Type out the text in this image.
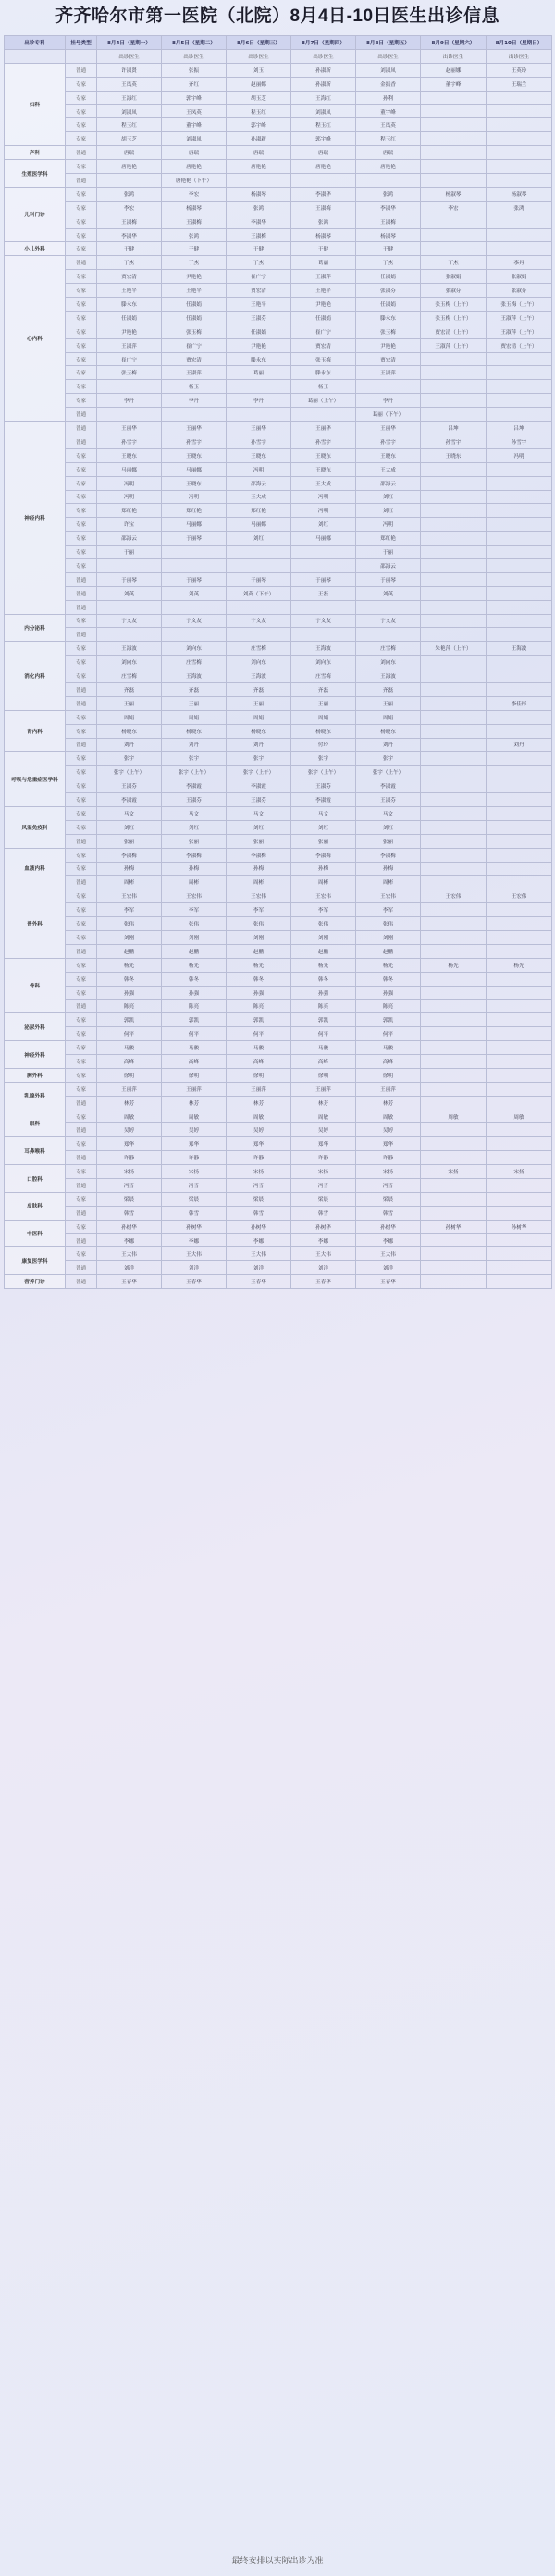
齐齐哈尔市第一医院（北院）8月4日-10日医生出诊信息
出诊专科	挂号类型	8月4日（星期一）	8月5日（星期二）	8月6日（星期三）	8月7日（星期四）	8月8日（星期五）	8月9日（星期六）	8月10日（星期日）
		出诊医生	出诊医生	出诊医生	出诊医生	出诊医生	出诊医生	出诊医生
妇科	普通	许淑贤	张振	刘玉	孙淑新	刘淑凤	赵丽娜	王英玲
	专家	王凤英	齐红	赵丽娜	孙淑新	金振香	董宇峰	王瑞兰
	专家	王海红	郭宇峰	胡玉芝	王海红	孙利		
	专家	刘淑凤	王凤英	程玉红	刘淑凤	董宇峰		
	专家	程玉红	董宇峰	郭宇峰	程玉红	王凤英		
	专家	胡玉芝	刘淑凤	孙淑新	郭宇峰	程玉红		
产科	普通	唐瑞	唐瑞	唐瑞	唐瑞	唐瑞		
生殖医学科	专家	唐艳艳	唐艳艳	唐艳艳	唐艳艳	唐艳艳		
	普通		唐艳艳（下午）					
儿科门诊	专家	张鸿	李宏	杨淑琴	李淑华	张鸿	杨淑琴	杨淑琴
	专家	李宏	杨淑琴	张鸿	王淑梅	李淑华	李宏	张鸿
	专家	王淑梅	王淑梅	李淑华	张鸿	王淑梅		
	专家	李淑华	张鸿	王淑梅	杨淑琴	杨淑琴		
小儿外科	专家	于健	于健	于健	于健	于健		
心内科	普通	丁杰	丁杰	丁杰	葛丽	丁杰	丁杰	李丹
	专家	贾宏清	尹艳艳	崔广宁	王淑萍	任淑娟	张淑娟	张淑娟
	专家	王艳平	王艳平	贾宏清	王艳平	张淑芬	张淑芬	张淑芬
	专家	滕永东	任淑娟	王艳平	尹艳艳	任淑娟	张玉梅（上午）	张玉梅（上午）
	专家	任淑娟	任淑娟	王淑芬	任淑娟	滕永东	张玉梅（上午）	王淑萍（上午）
	专家	尹艳艳	张玉梅	任淑娟	崔广宁	张玉梅	贾宏清（上午）	王淑萍（上午）
	专家	王淑萍	崔广宁	尹艳艳	贾宏清	尹艳艳	王淑萍（上午）	贾宏清（上午）
	专家	崔广宁	贾宏清	滕永东	张玉梅	贾宏清		
	专家	张玉梅	王淑萍	葛丽	滕永东	王淑萍		
	专家		杨玉		杨玉			
	专家	李丹	李丹	李丹	葛丽（上午）	李丹		
	普通					葛丽（下午）		
神经内科	普通	王丽华	王丽华	王丽华	王丽华	王丽华	吕坤	吕坤
	普通	孙雪宇	孙雪宇	孙雪宇	孙雪宇	孙雪宇	孙雪宇	孙雪宇
	专家	王晓东	王晓东	王晓东	王晓东	王晓东	王晓东	冯明
	专家	马丽娜	马丽娜	冯明	王晓东	王大成		
	专家	冯明	王晓东	邵海云	王大成	邵海云		
	专家	冯明	冯明	王大成	冯明	刘红		
	专家	郑红艳	郑红艳	郑红艳	冯明	刘红		
	专家	许宝	马丽娜	马丽娜	刘红	冯明		
	专家	邵海云	于丽琴	刘红	马丽娜	郑红艳		
	专家	于丽				于丽		
	专家					邵海云		
	普通	于丽琴	于丽琴	于丽琴	于丽琴	于丽琴		
	普通	刘英	刘英	刘英（下午）	王磊	刘英		
	普通							
内分泌科	专家	宁文友	宁文友	宁文友	宁文友	宁文友		
	普通							
消化内科	专家	王海波	刘向东	庄雪梅	王海波	庄雪梅	朱艳萍（上午）	王海波
	专家	刘向东	庄雪梅	刘向东	刘向东	刘向东		
	专家	庄雪梅	王海波	王海波	庄雪梅	王海波		
	普通	齐磊	齐磊	齐磊	齐磊	齐磊		
	普通	王丽	王丽	王丽	王丽	王丽		李佳彤
肾内科	专家	周娟	周娟	周娟	周娟	周娟		
	专家	杨晓东	杨晓东	杨晓东	杨晓东	杨晓东		
	普通	刘丹	刘丹	刘丹	付玲	刘丹		刘丹
呼吸与危重症医学科	专家	张宇	张宇	张宇	张宇	张宇		
	专家	张宇（上午）	张宇（上午）	张宇（上午）	张宇（上午）	张宇（上午）		
	专家	王淑芬	李淑霞	李淑霞	王淑芬	李淑霞		
	专家	李淑霞	王淑芬	王淑芬	李淑霞	王淑芬		
风湿免疫科	专家	马文	马文	马文	马文	马文		
	专家	刘红	刘红	刘红	刘红	刘红		
	普通	张丽	张丽	张丽	张丽	张丽		
血液内科	专家	李淑梅	李淑梅	李淑梅	李淑梅	李淑梅		
	专家	孙梅	孙梅	孙梅	孙梅	孙梅		
	普通	周彬	周彬	周彬	周彬	周彬		
普外科	专家	王宏伟	王宏伟	王宏伟	王宏伟	王宏伟	王宏伟	王宏伟
	专家	李军	李军	李军	李军	李军		
	专家	张伟	张伟	张伟	张伟	张伟		
	专家	刘刚	刘刚	刘刚	刘刚	刘刚		
	普通	赵鹏	赵鹏	赵鹏	赵鹏	赵鹏		
骨科	专家	杨光	杨光	杨光	杨光	杨光	杨光	杨光
	专家	韩冬	韩冬	韩冬	韩冬	韩冬		
	专家	孙强	孙强	孙强	孙强	孙强		
	普通	陈亮	陈亮	陈亮	陈亮	陈亮		
泌尿外科	专家	郭凯	郭凯	郭凯	郭凯	郭凯		
	专家	何平	何平	何平	何平	何平		
神经外科	专家	马骏	马骏	马骏	马骏	马骏		
	专家	高峰	高峰	高峰	高峰	高峰		
胸外科	专家	徐明	徐明	徐明	徐明	徐明		
乳腺外科	专家	王丽萍	王丽萍	王丽萍	王丽萍	王丽萍		
	普通	林芳	林芳	林芳	林芳	林芳		
眼科	专家	周敏	周敏	周敏	周敏	周敏	周敏	周敏
	普通	吴婷	吴婷	吴婷	吴婷	吴婷		
耳鼻喉科	专家	郑华	郑华	郑华	郑华	郑华		
	普通	许静	许静	许静	许静	许静		
口腔科	专家	宋扬	宋扬	宋扬	宋扬	宋扬	宋扬	宋扬
	普通	冯雪	冯雪	冯雪	冯雪	冯雪		
皮肤科	专家	梁晨	梁晨	梁晨	梁晨	梁晨		
	普通	韩雪	韩雪	韩雪	韩雪	韩雪		
中医科	专家	孙树华	孙树华	孙树华	孙树华	孙树华	孙树华	孙树华
	普通	李娜	李娜	李娜	李娜	李娜		
康复医学科	专家	王大伟	王大伟	王大伟	王大伟	王大伟		
	普通	刘洋	刘洋	刘洋	刘洋	刘洋		
营养门诊	普通	王春华	王春华	王春华	王春华	王春华		
最终安排以实际出诊为准
